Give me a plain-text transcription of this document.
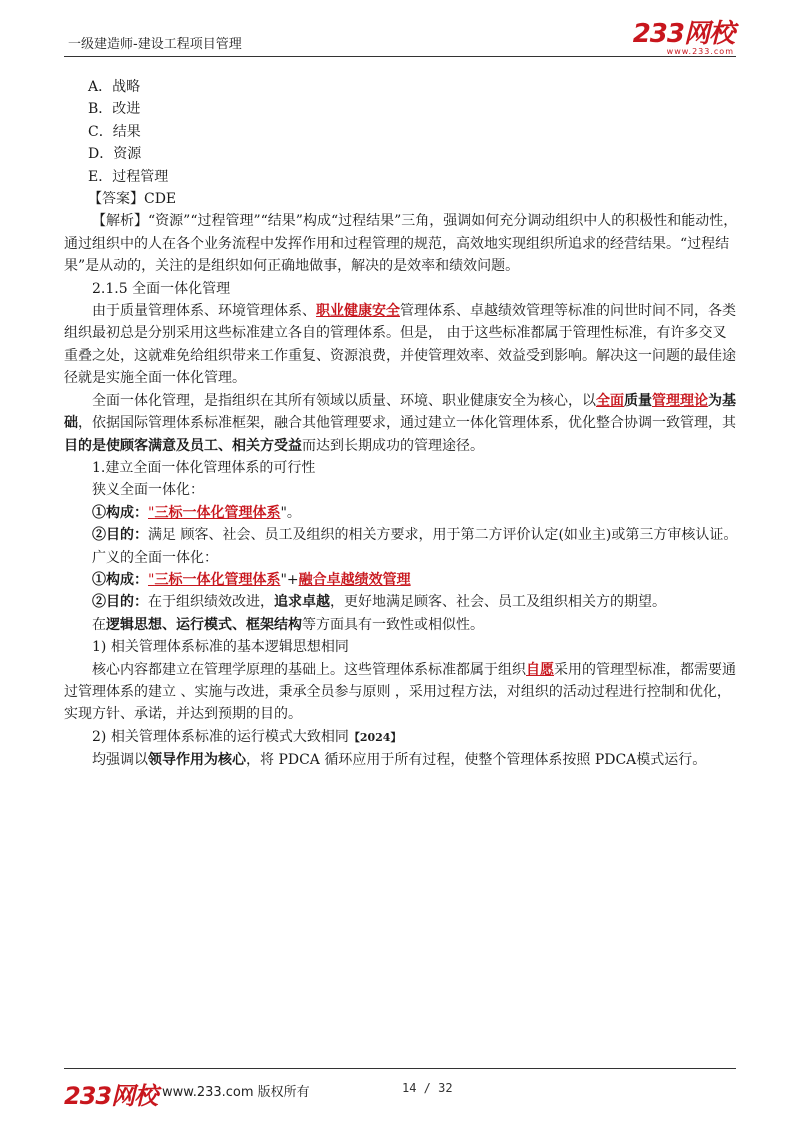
一级建造师-建设工程项目管理	233网校
www.233.com

A．战略

B．改进

C．结果

D．资源

E．过程管理

【答案】CDE

【解析】“资源”“过程管理”“结果”构成“过程结果”三角，强调如何充分调动组织中人的积极性和能动性，通过组织中的人在各个业务流程中发挥作用和过程管理的规范，高效地实现组织所追求的经营结果。“过程结果”是从动的，关注的是组织如何正确地做事，解决的是效率和绩效问题。

2.1.5 全面一体化管理

由于质量管理体系、环境管理体系、职业健康安全管理体系、卓越绩效管理等标准的问世时间不同，各类组织最初总是分别采用这些标准建立各自的管理体系。但是， 由于这些标准都属于管理性标准，有许多交叉重叠之处，这就难免给组织带来工作重复、资源浪费，并使管理效率、效益受到影响。解决这一问题的最佳途径就是实施全面一体化管理。

全面一体化管理，是指组织在其所有领域以质量、环境、职业健康安全为核心，以全面质量管理理论为基础，依据国际管理体系标准框架，融合其他管理要求，通过建立一体化管理体系，优化整合协调一致管理，其目的是使顾客满意及员工、相关方受益而达到长期成功的管理途径。

1.建立全面一体化管理体系的可行性

狭义全面一体化：

①构成："三标一体化管理体系"。

②目的：满足 顾客、社会、员工及组织的相关方要求，用于第二方评价认定(如业主)或第三方审核认证。

广义的全面一体化：

①构成："三标一体化管理体系"+融合卓越绩效管理

②目的：在于组织绩效改进，追求卓越，更好地满足顾客、社会、员工及组织相关方的期望。

在逻辑思想、运行模式、框架结构等方面具有一致性或相似性。

1) 相关管理体系标准的基本逻辑思想相同

核心内容都建立在管理学原理的基础上。这些管理体系标准都属于组织自愿采用的管理型标准，都需要通过管理体系的建立 、实施与改进，秉承全员参与原则 ，采用过程方法，对组织的活动过程进行控制和优化，实现方针、承诺，并达到预期的目的。

2) 相关管理体系标准的运行模式大致相同【2024】

均强调以领导作用为核心，将 PDCA 循环应用于所有过程，使整个管理体系按照 PDCA模式运行。

233网校 www.233.com 版权所有	14 / 32
